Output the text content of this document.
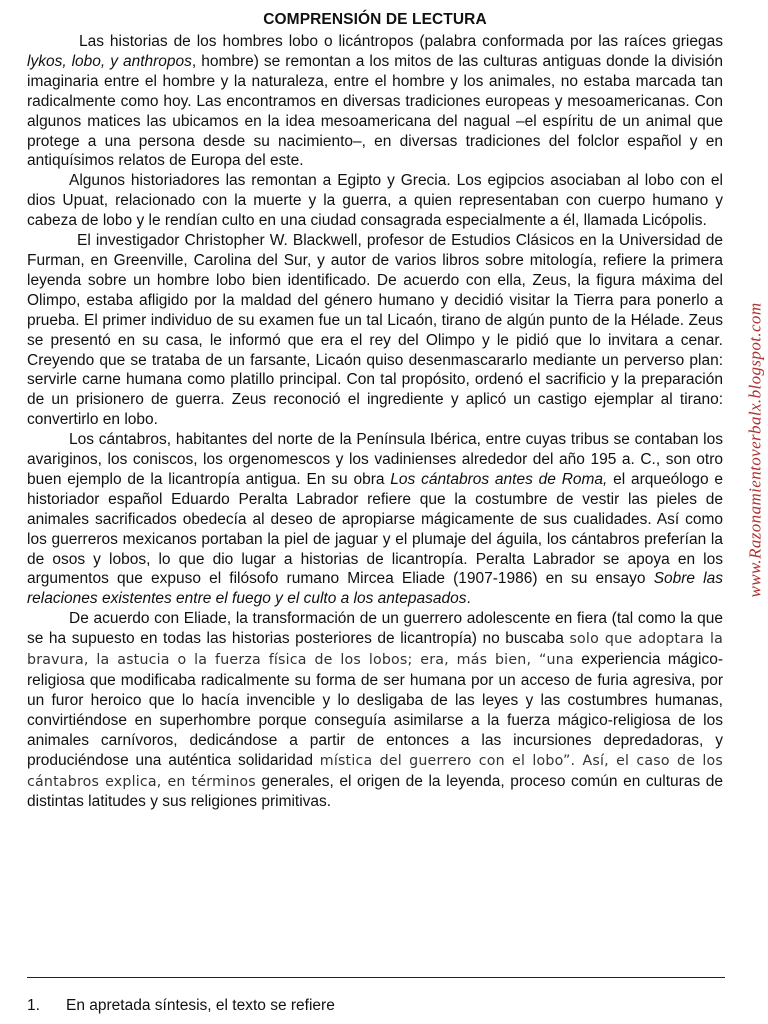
COMPRENSIÓN DE LECTURA

Las historias de los hombres lobo o licántropos (palabra conformada por las raíces griegas lykos, lobo, y anthropos, hombre) se remontan a los mitos de las culturas antiguas donde la división imaginaria entre el hombre y la naturaleza, entre el hombre y los animales, no estaba marcada tan radicalmente como hoy. Las encontramos en diversas tradiciones europeas y mesoamericanas. Con algunos matices las ubicamos en la idea mesoamericana del nagual –el espíritu de un animal que protege a una persona desde su nacimiento–, en diversas tradiciones del folclor español y en antiquísimos relatos de Europa del este.

Algunos historiadores las remontan a Egipto y Grecia. Los egipcios asociaban al lobo con el dios Upuat, relacionado con la muerte y la guerra, a quien representaban con cuerpo humano y cabeza de lobo y le rendían culto en una ciudad consagrada especialmente a él, llamada Licópolis.

El investigador Christopher W. Blackwell, profesor de Estudios Clásicos en la Universidad de Furman, en Greenville, Carolina del Sur, y autor de varios libros sobre mitología, refiere la primera leyenda sobre un hombre lobo bien identificado. De acuerdo con ella, Zeus, la figura máxima del Olimpo, estaba afligido por la maldad del género humano y decidió visitar la Tierra para ponerlo a prueba. El primer individuo de su examen fue un tal Licaón, tirano de algún punto de la Hélade. Zeus se presentó en su casa, le informó que era el rey del Olimpo y le pidió que lo invitara a cenar. Creyendo que se trataba de un farsante, Licaón quiso desenmascararlo mediante un perverso plan: servirle carne humana como platillo principal. Con tal propósito, ordenó el sacrificio y la preparación de un prisionero de guerra. Zeus reconoció el ingrediente y aplicó un castigo ejemplar al tirano: convertirlo en lobo.

Los cántabros, habitantes del norte de la Península Ibérica, entre cuyas tribus se contaban los avariginos, los coniscos, los orgenomescos y los vadinienses alrededor del año 195 a. C., son otro buen ejemplo de la licantropía antigua. En su obra Los cántabros antes de Roma, el arqueólogo e historiador español Eduardo Peralta Labrador refiere que la costumbre de vestir las pieles de animales sacrificados obedecía al deseo de apropiarse mágicamente de sus cualidades. Así como los guerreros mexicanos portaban la piel de jaguar y el plumaje del águila, los cántabros preferían la de osos y lobos, lo que dio lugar a historias de licantropía. Peralta Labrador se apoya en los argumentos que expuso el filósofo rumano Mircea Eliade (1907-1986) en su ensayo Sobre las relaciones existentes entre el fuego y el culto a los antepasados.

De acuerdo con Eliade, la transformación de un guerrero adolescente en fiera (tal como la que se ha supuesto en todas las historias posteriores de licantropía) no buscaba solo que adoptara la bravura, la astucia o la fuerza física de los lobos; era, más bien, “una experiencia mágico-religiosa que modificaba radicalmente su forma de ser humana por un acceso de furia agresiva, por un furor heroico que lo hacía invencible y lo desligaba de las leyes y las costumbres humanas, convirtiéndose en superhombre porque conseguía asimilarse a la fuerza mágico-religiosa de los animales carnívoros, dedicándose a partir de entonces a las incursiones depredadoras, y produciéndose una auténtica solidaridad mística del guerrero con el lobo”. Así, el caso de los cántabros explica, en términos generales, el origen de la leyenda, proceso común en culturas de distintas latitudes y sus religiones primitivas.

1.	En apretada síntesis, el texto se refiere
www.Razonamientoverbalx.blogspot.com
